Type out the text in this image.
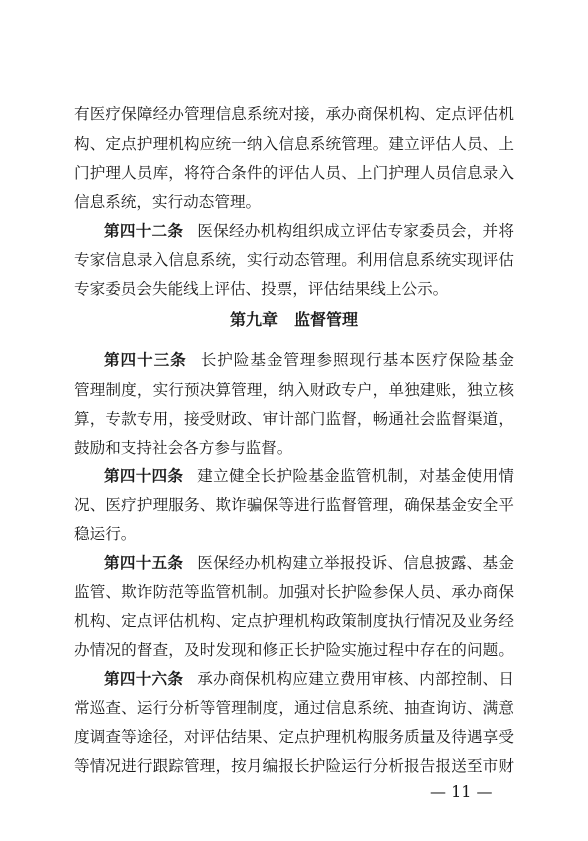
有医疗保障经办管理信息系统对接，承办商保机构、定点评估机
构、定点护理机构应统一纳入信息系统管理。建立评估人员、上
门护理人员库，将符合条件的评估人员、上门护理人员信息录入
信息系统，实行动态管理。
第四十二条 医保经办机构组织成立评估专家委员会，并将
专家信息录入信息系统，实行动态管理。利用信息系统实现评估
专家委员会失能线上评估、投票，评估结果线上公示。
第九章 监督管理
第四十三条 长护险基金管理参照现行基本医疗保险基金
管理制度，实行预决算管理，纳入财政专户，单独建账，独立核
算，专款专用，接受财政、审计部门监督，畅通社会监督渠道，
鼓励和支持社会各方参与监督。
第四十四条 建立健全长护险基金监管机制，对基金使用情
况、医疗护理服务、欺诈骗保等进行监督管理，确保基金安全平
稳运行。
第四十五条 医保经办机构建立举报投诉、信息披露、基金
监管、欺诈防范等监管机制。加强对长护险参保人员、承办商保
机构、定点评估机构、定点护理机构政策制度执行情况及业务经
办情况的督查，及时发现和修正长护险实施过程中存在的问题。
第四十六条 承办商保机构应建立费用审核、内部控制、日
常巡查、运行分析等管理制度，通过信息系统、抽查询访、满意
度调查等途径，对评估结果、定点护理机构服务质量及待遇享受
等情况进行跟踪管理，按月编报长护险运行分析报告报送至市财
— 11 —
